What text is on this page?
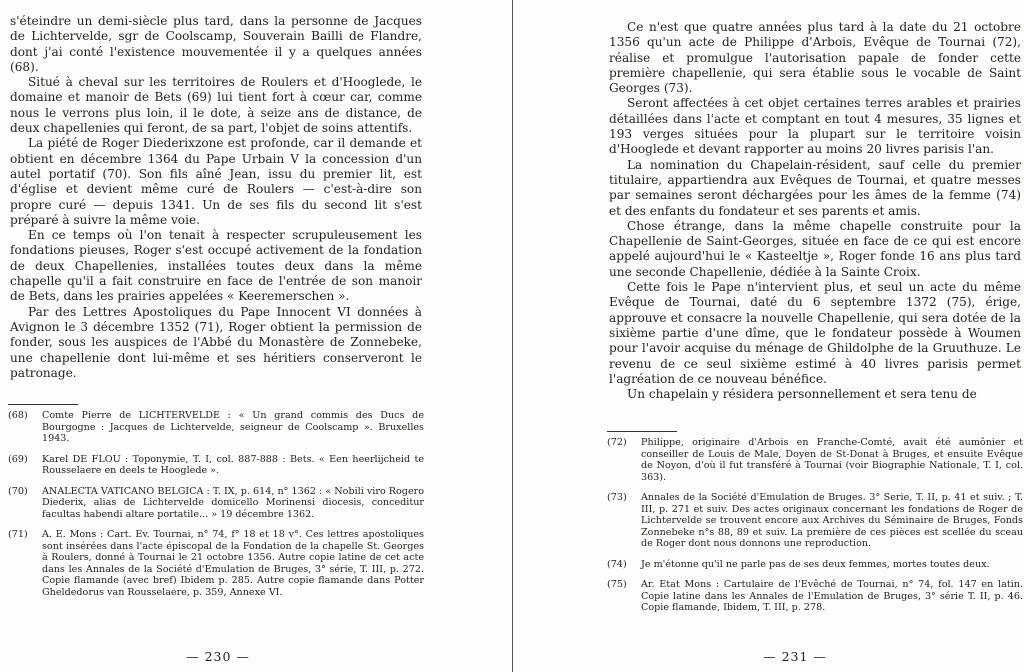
s'éteindre un demi-siècle plus tard, dans la personne de Jacques de Lichtervelde, sgr de Coolscamp, Souverain Bailli de Flandre, dont j'ai conté l'existence mouvementée il y a quelques années (68).

Situé à cheval sur les territoires de Roulers et d'Hooglede, le domaine et manoir de Bets (69) lui tient fort à cœur car, comme nous le verrons plus loin, il le dote, à seize ans de distance, de deux chapellenies qui feront, de sa part, l'objet de soins attentifs.

La piété de Roger Diederixzone est profonde, car il demande et obtient en décembre 1364 du Pape Urbain V la concession d'un autel portatif (70). Son fils aîné Jean, issu du premier lit, est d'église et devient même curé de Roulers — c'est-à-dire son propre curé — depuis 1341. Un de ses fils du second lit s'est préparé à suivre la même voie.

En ce temps où l'on tenait à respecter scrupuleusement les fondations pieuses, Roger s'est occupé activement de la fondation de deux Chapellenies, installées toutes deux dans la même chapelle qu'il a fait construire en face de l'entrée de son manoir de Bets, dans les prairies appelées « Keeremerschen ».

Par des Lettres Apostoliques du Pape Innocent VI données à Avignon le 3 décembre 1352 (71), Roger obtient la permission de fonder, sous les auspices de l'Abbé du Monastère de Zonnebeke, une chapellenie dont lui-même et ses héritiers conserveront le patronage.

(68)	Comte Pierre de LICHTERVELDE : « Un grand commis des Ducs de Bourgogne : Jacques de Lichtervelde, seigneur de Coolscamp ». Bruxelles 1943.
(69)	Karel DE FLOU : Toponymie, T. I, col. 887-888 : Bets. « Een heerlijcheid te Rousselaere en deels te Hooglede ».
(70)	ANALECTA VATICANO BELGICA : T. IX, p. 614, n° 1362 : « Nobili viro Rogero Diederix, alias de Lichtervelde domicello Morinensi diocesis, conceditur facultas habendi altare portatile... » 19 décembre 1362.
(71)	A. E. Mons : Cart. Ev. Tournai, n° 74, f° 18 et 18 v°. Ces lettres apostoliques sont insérées dans l'acte épiscopal de la Fondation de la chapelle St. Georges à Roulers, donné à Tournai le 21 octobre 1356. Autre copie latine de cet acte dans les Annales de la Société d'Emulation de Bruges, 3° série, T. III, p. 272. Copie flamande (avec bref) Ibidem p. 285. Autre copie flamande dans Potter Gheldedorus van Rousselaere, p. 359, Annexe VI.
— 230 —

Ce n'est que quatre années plus tard à la date du 21 octobre 1356 qu'un acte de Philippe d'Arbois, Evêque de Tournai (72), réalise et promulgue l'autorisation papale de fonder cette première chapellenie, qui sera établie sous le vocable de Saint Georges (73).

Seront affectées à cet objet certaines terres arables et prairies détaillées dans l'acte et comptant en tout 4 mesures, 35 lignes et 193 verges situées pour la plupart sur le territoire voisin d'Hooglede et devant rapporter au moins 20 livres parisis l'an.

La nomination du Chapelain-résident, sauf celle du premier titulaire, appartiendra aux Evêques de Tournai, et quatre messes par semaines seront déchargées pour les âmes de la femme (74) et des enfants du fondateur et ses parents et amis.

Chose étrange, dans la même chapelle construite pour la Chapellenie de Saint-Georges, située en face de ce qui est encore appelé aujourd'hui le « Kasteeltje », Roger fonde 16 ans plus tard une seconde Chapellenie, dédiée à la Sainte Croix.

Cette fois le Pape n'intervient plus, et seul un acte du même Evêque de Tournai, daté du 6 septembre 1372 (75), érige, approuve et consacre la nouvelle Chapellenie, qui sera dotée de la sixième partie d'une dîme, que le fondateur possède à Woumen pour l'avoir acquise du ménage de Ghildolphe de la Gruuthuze. Le revenu de ce seul sixième estimé à 40 livres parisis permet l'agréation de ce nouveau bénéfice.

Un chapelain y résidera personnellement et sera tenu de

(72)	Philippe, originaire d'Arbois en Franche-Comté, avait été aumônier et conseiller de Louis de Male, Doyen de St-Donat à Bruges, et ensuite Evêque de Noyon, d'où il fut transféré à Tournai (voir Biographie Nationale, T. I, col. 363).
(73)	Annales de la Société d'Emulation de Bruges. 3° Serie, T. II, p. 41 et suiv. ; T. III, p. 271 et suiv. Des actes originaux concernant les fondations de Roger de Lichtervelde se trouvent encore aux Archives du Séminaire de Bruges, Fonds Zonnebeke n°s 88, 89 et suiv. La première de ces pièces est scellée du sceau de Roger dont nous donnons une reproduction.
(74)	Je m'étonne qu'il ne parle pas de ses deux femmes, mortes toutes deux.
(75)	Ar. Etat Mons : Cartulaire de l'Evêché de Tournai, n° 74, fol. 147 en latin. Copie latine dans les Annales de l'Emulation de Bruges, 3° série T. II, p. 46. Copie flamande, Ibidem, T. III, p. 278.
— 231 —
